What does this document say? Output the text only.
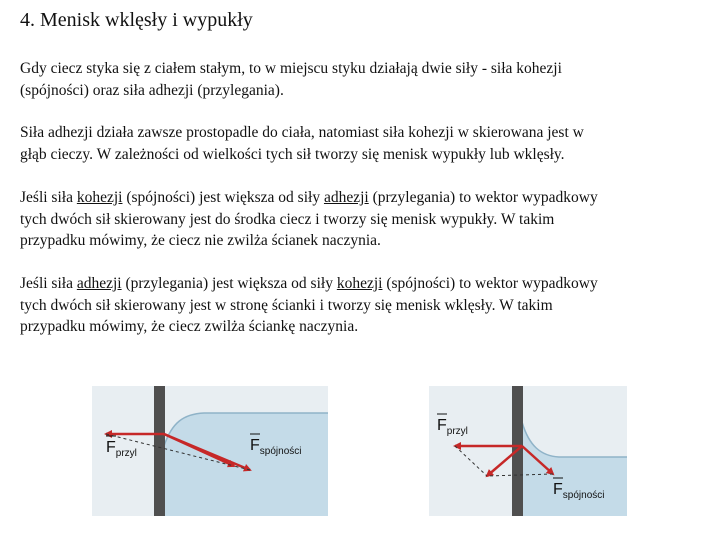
4. Menisk wklęsły i wypukły

Gdy ciecz styka się z ciałem stałym, to w miejscu styku działają dwie siły - siła kohezji
(spójności) oraz siła adhezji (przylegania).

Siła adhezji działa zawsze prostopadle do ciała, natomiast siła kohezji w skierowana jest w
głąb cieczy. W zależności od wielkości tych sił tworzy się menisk wypukły lub wklęsły.

Jeśli siła kohezji (spójności) jest większa od siły adhezji (przylegania) to wektor wypadkowy
tych dwóch sił skierowany jest do środka ciecz i tworzy się menisk wypukły. W takim
przypadku mówimy, że ciecz nie zwilża ścianek naczynia.

Jeśli siła adhezji (przylegania) jest większa od siły kohezji (spójności) to wektor wypadkowy
tych dwóch sił skierowany jest w stronę ścianki i tworzy się menisk wklęsły. W takim
przypadku mówimy, że ciecz zwilża ściankę naczynia.

$F_{przyl}$	$F_{spójności}$
$F_{przyl}$
$F_{spójności}$
